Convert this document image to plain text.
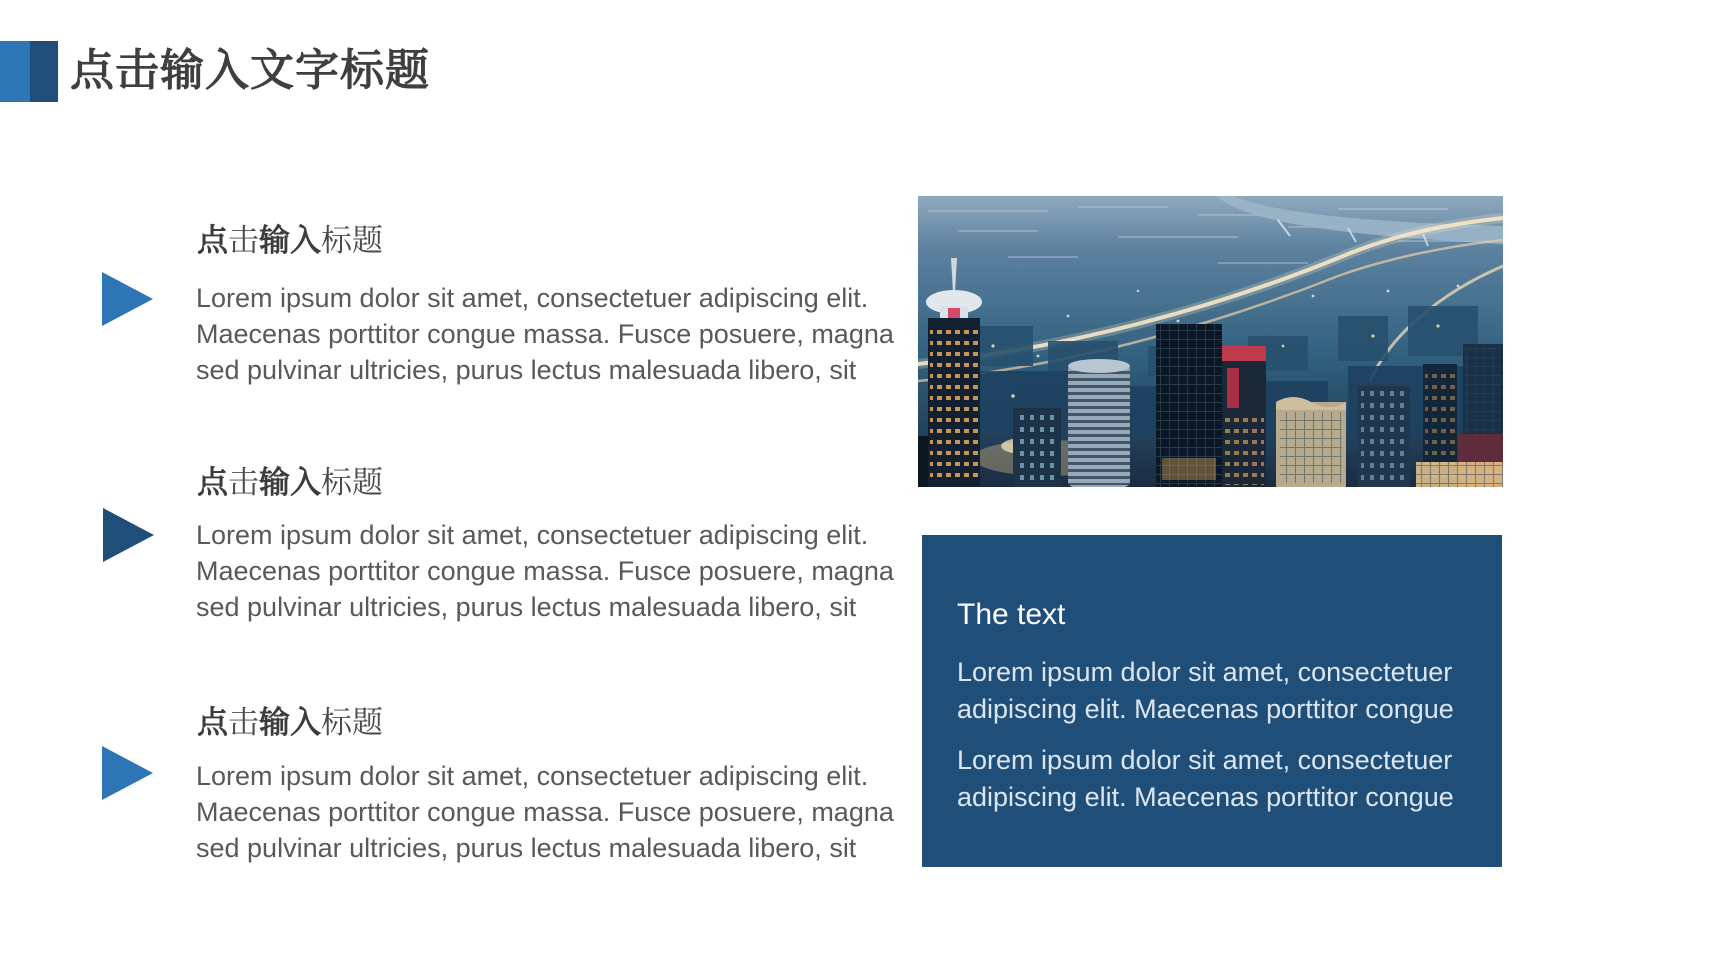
点击输入文字标题
点击输入标题
Lorem ipsum dolor sit amet, consectetuer adipiscing elit.
Maecenas porttitor congue massa. Fusce posuere, magna
sed pulvinar ultricies, purus lectus malesuada libero, sit
点击输入标题
Lorem ipsum dolor sit amet, consectetuer adipiscing elit.
Maecenas porttitor congue massa. Fusce posuere, magna
sed pulvinar ultricies, purus lectus malesuada libero, sit
点击输入标题
Lorem ipsum dolor sit amet, consectetuer adipiscing elit.
Maecenas porttitor congue massa. Fusce posuere, magna
sed pulvinar ultricies, purus lectus malesuada libero, sit
The text
Lorem ipsum dolor sit amet, consectetuer
adipiscing elit. Maecenas porttitor congue
Lorem ipsum dolor sit amet, consectetuer
adipiscing elit. Maecenas porttitor congue
